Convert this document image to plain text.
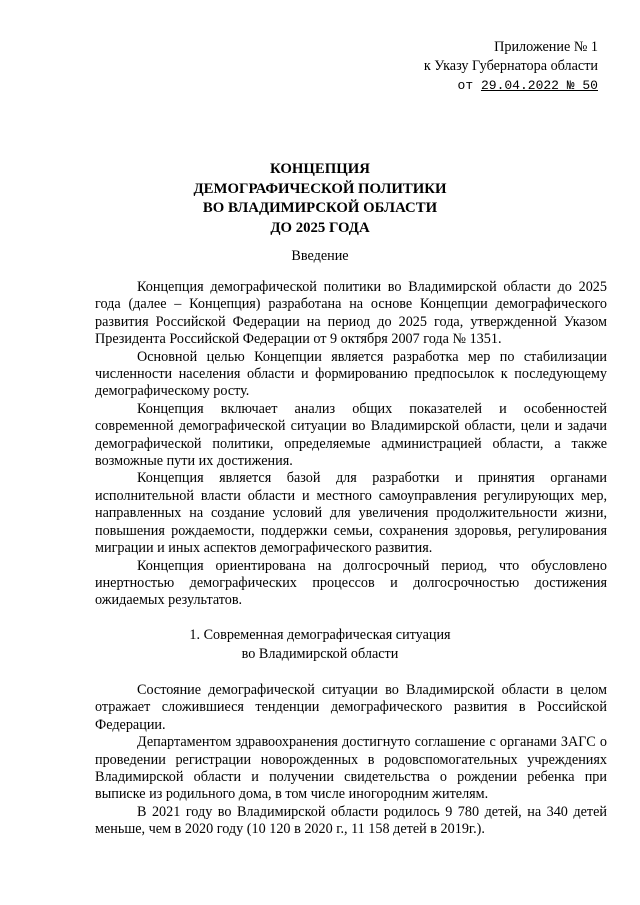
Приложение № 1
к Указу Губернатора области
от 29.04.2022 № 50
КОНЦЕПЦИЯ
ДЕМОГРАФИЧЕСКОЙ ПОЛИТИКИ
ВО ВЛАДИМИРСКОЙ ОБЛАСТИ
ДО 2025 ГОДА
Введение

Концепция демографической политики во Владимирской области до 2025 года (далее – Концепция) разработана на основе Концепции демографического развития Российской Федерации на период до 2025 года, утвержденной Указом Президента Российской Федерации от 9 октября 2007 года № 1351.

Основной целью Концепции является разработка мер по стабилизации численности населения области и формированию предпосылок к последующему демографическому росту.

Концепция включает анализ общих показателей и особенностей современной демографической ситуации во Владимирской области, цели и задачи демографической политики, определяемые администрацией области, а также возможные пути их достижения.

Концепция является базой для разработки и принятия органами исполнительной власти области и местного самоуправления регулирующих мер, направленных на создание условий для увеличения продолжительности жизни, повышения рождаемости, поддержки семьи, сохранения здоровья, регулирования миграции и иных аспектов демографического развития.

Концепция ориентирована на долгосрочный период, что обусловлено инертностью демографических процессов и долгосрочностью достижения ожидаемых результатов.

1. Современная демографическая ситуация
во Владимирской области

Состояние демографической ситуации во Владимирской области в целом отражает сложившиеся тенденции демографического развития в Российской Федерации.

Департаментом здравоохранения достигнуто соглашение с органами ЗАГС о проведении регистрации новорожденных в родовспомогательных учреждениях Владимирской области и получении свидетельства о рождении ребенка при выписке из родильного дома, в том числе иногородним жителям.

В 2021 году во Владимирской области родилось 9 780 детей, на 340 детей меньше, чем в 2020 году (10 120 в 2020 г., 11 158 детей в 2019г.).
